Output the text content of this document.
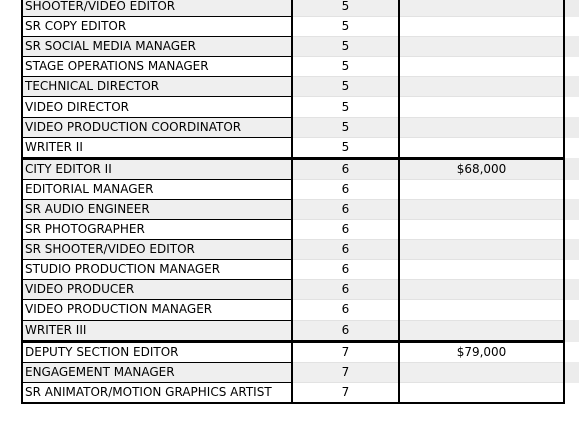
	SHOOTER/VIDEO EDITOR	5		
	SR COPY EDITOR	5		
	SR SOCIAL MEDIA MANAGER	5		
	STAGE OPERATIONS MANAGER	5		
	TECHNICAL DIRECTOR	5		
	VIDEO DIRECTOR	5		
	VIDEO PRODUCTION COORDINATOR	5		
	WRITER II	5		
	CITY EDITOR II	6	$68,000	
	EDITORIAL MANAGER	6		
	SR AUDIO ENGINEER	6		
	SR PHOTOGRAPHER	6		
	SR SHOOTER/VIDEO EDITOR	6		
	STUDIO PRODUCTION MANAGER	6		
	VIDEO PRODUCER	6		
	VIDEO PRODUCTION MANAGER	6		
	WRITER III	6		
	DEPUTY SECTION EDITOR	7	$79,000	
	ENGAGEMENT MANAGER	7		
	SR ANIMATOR/MOTION GRAPHICS ARTIST	7		
